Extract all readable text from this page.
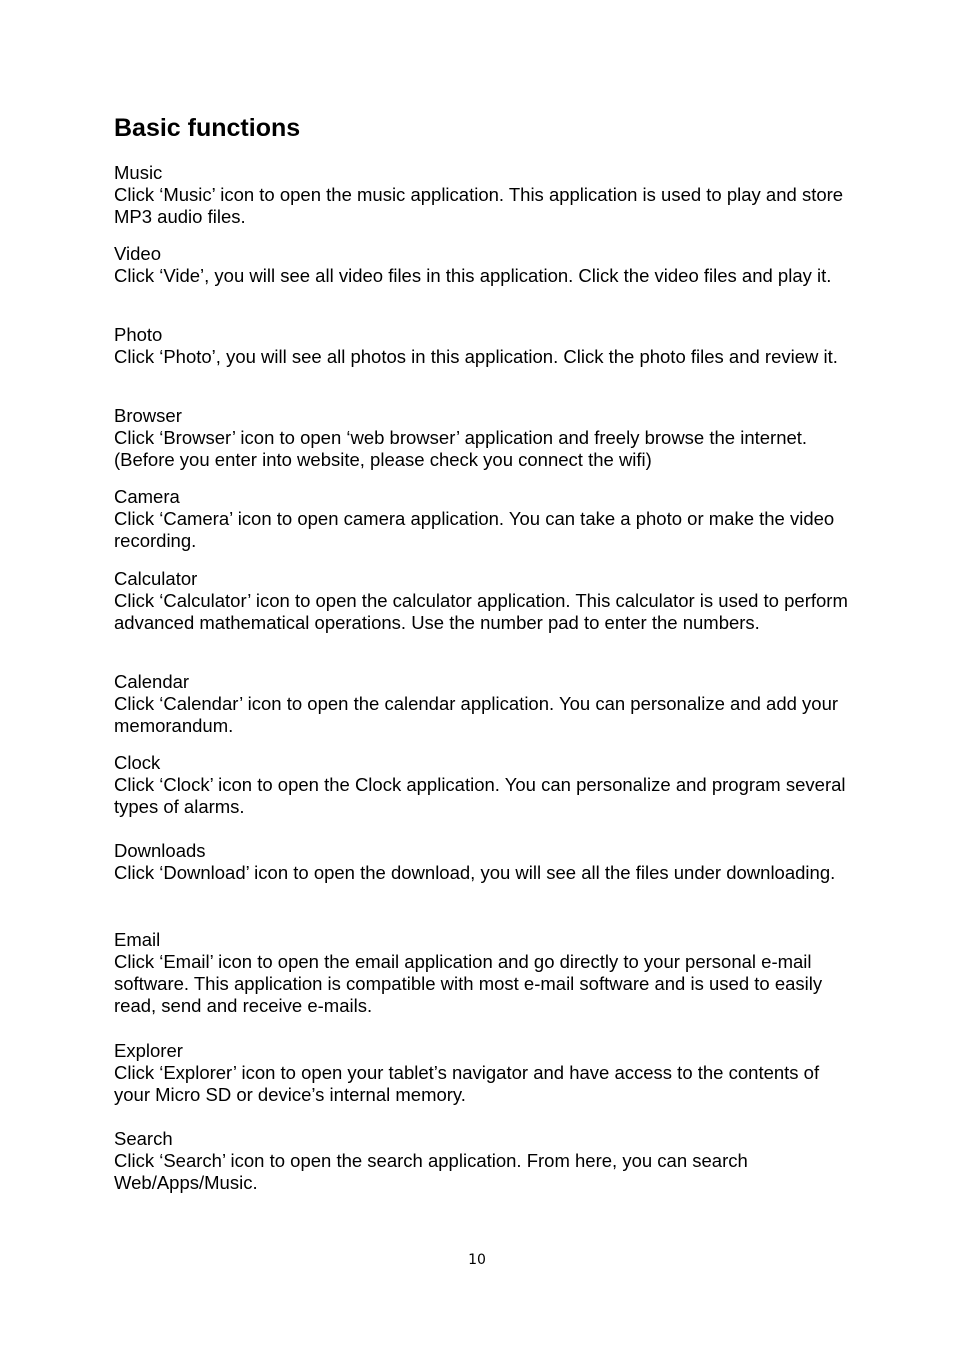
Basic functions
Music
Click ‘Music’ icon to open the music application. This application is used to play and store MP3 audio files.
Video
Click ‘Vide’, you will see all video files in this application. Click the video files and play it.
Photo
Click ‘Photo’, you will see all photos in this application. Click the photo files and review it.
Browser
Click ‘Browser’ icon to open ‘web browser’ application and freely browse the internet. (Before you enter into website, please check you connect the wifi)
Camera
Click ‘Camera’ icon to open camera application. You can take a photo or make the video recording.
Calculator
Click ‘Calculator’ icon to open the calculator application. This calculator is used to perform advanced mathematical operations. Use the number pad to enter the numbers.
Calendar
Click ‘Calendar’ icon to open the calendar application. You can personalize and add your memorandum.
Clock
Click ‘Clock’ icon to open the Clock application. You can personalize and program several types of alarms.
Downloads
Click ‘Download’ icon to open the download, you will see all the files under downloading.
Email
Click ‘Email’ icon to open the email application and go directly to your personal e-mail software. This application is compatible with most e-mail software and is used to easily read, send and receive e-mails.
Explorer
Click ‘Explorer’ icon to open your tablet’s navigator and have access to the contents of your Micro SD or device’s internal memory.
Search
Click ‘Search’ icon to open the search application. From here, you can search Web/Apps/Music.
10
